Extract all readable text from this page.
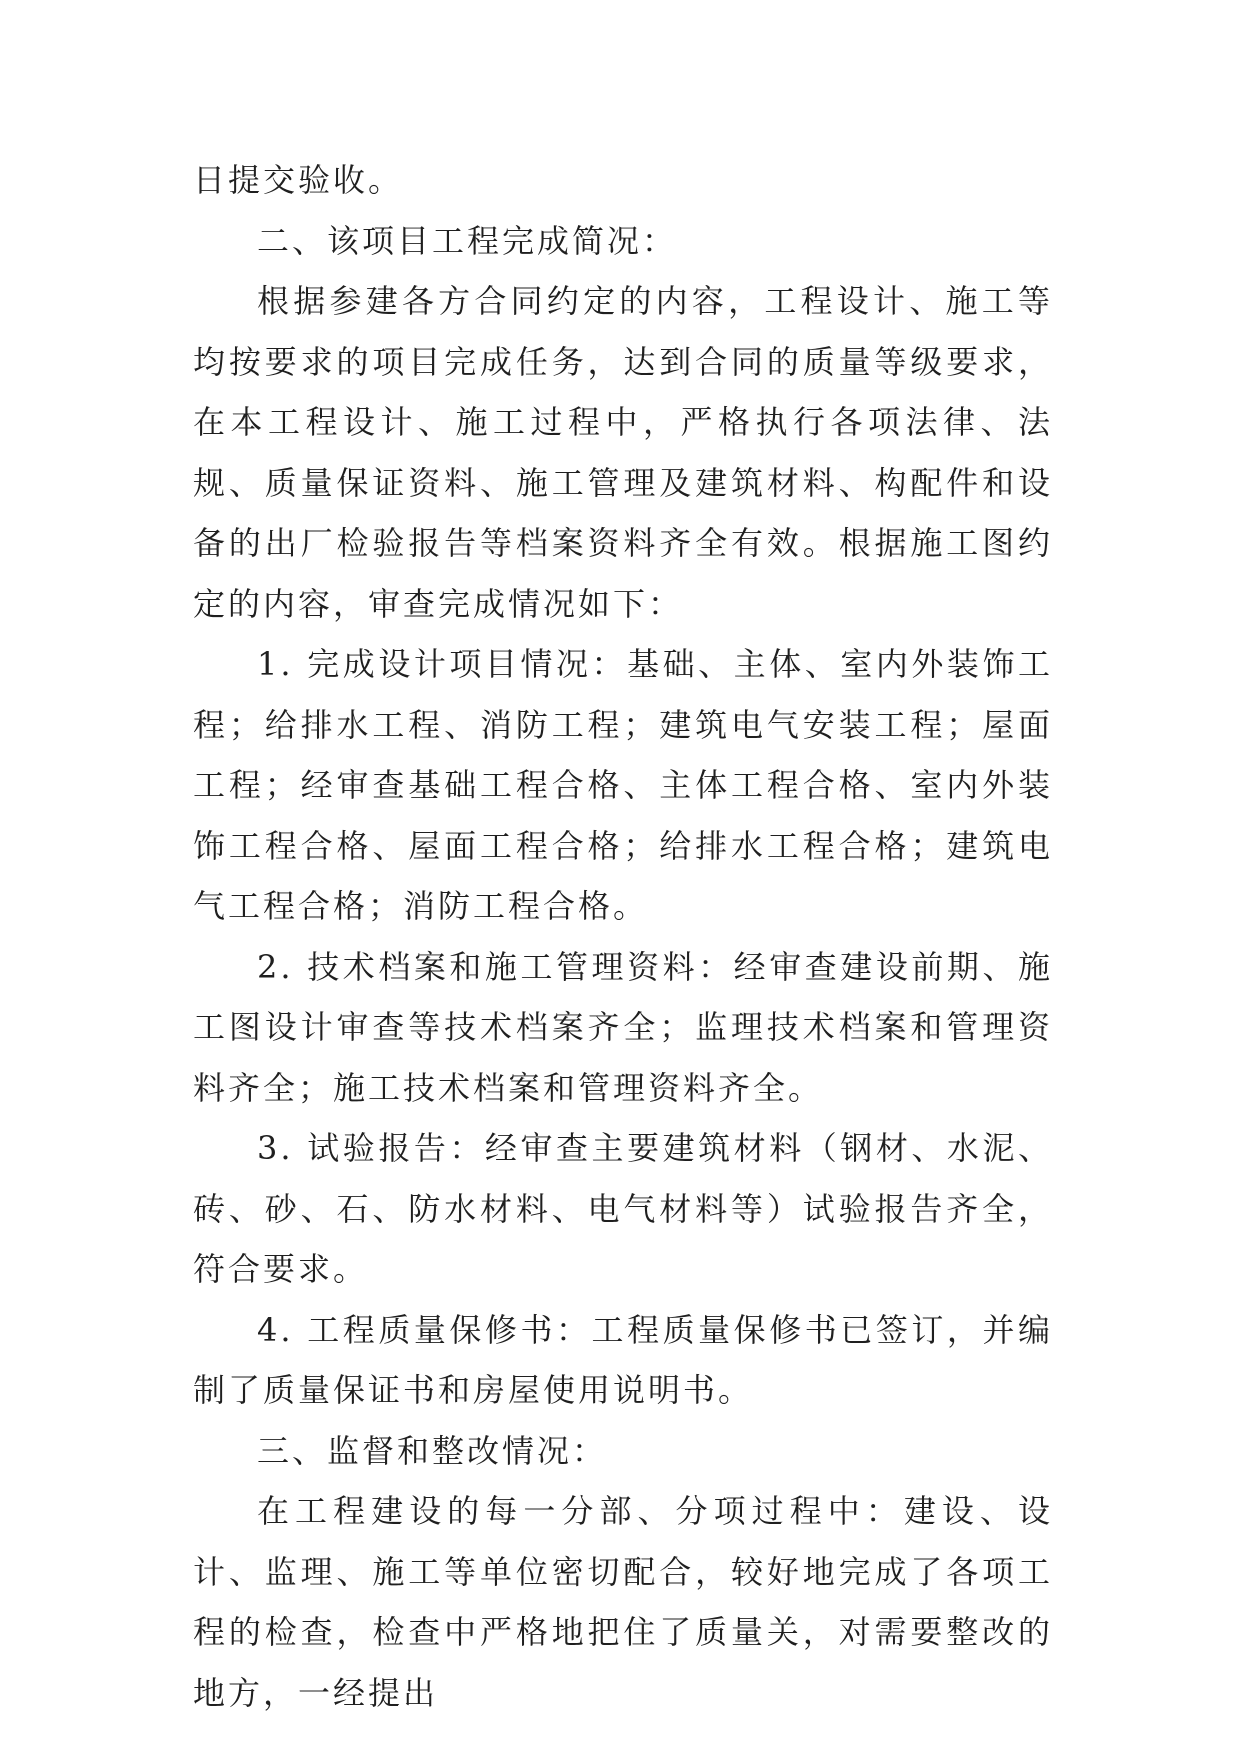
日提交验收。

二、该项目工程完成简况：

根据参建各方合同约定的内容，工程设计、施工等均按要求的项目完成任务，达到合同的质量等级要求，在本工程设计、施工过程中，严格执行各项法律、法规、质量保证资料、施工管理及建筑材料、构配件和设备的出厂检验报告等档案资料齐全有效。根据施工图约定的内容，审查完成情况如下：

1. 完成设计项目情况：基础、主体、室内外装饰工程；给排水工程、消防工程；建筑电气安装工程；屋面工程；经审查基础工程合格、主体工程合格、室内外装饰工程合格、屋面工程合格；给排水工程合格；建筑电气工程合格；消防工程合格。

2. 技术档案和施工管理资料：经审查建设前期、施工图设计审查等技术档案齐全；监理技术档案和管理资料齐全；施工技术档案和管理资料齐全。

3. 试验报告：经审查主要建筑材料（钢材、水泥、砖、砂、石、防水材料、电气材料等）试验报告齐全，符合要求。

4. 工程质量保修书：工程质量保修书已签订，并编制了质量保证书和房屋使用说明书。

三、监督和整改情况：

在工程建设的每一分部、分项过程中：建设、设计、监理、施工等单位密切配合，较好地完成了各项工程的检查，检查中严格地把住了质量关，对需要整改的地方，一经提出
